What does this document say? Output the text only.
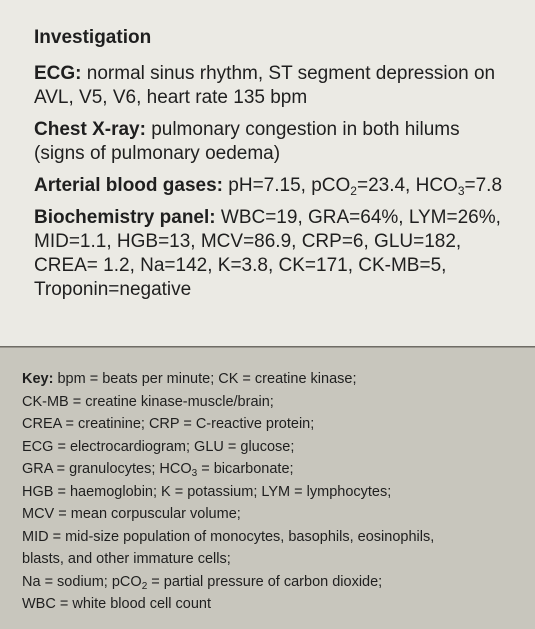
Investigation
ECG: normal sinus rhythm, ST segment depression on AVL, V5, V6, heart rate 135 bpm
Chest X-ray: pulmonary congestion in both hilums (signs of pulmonary oedema)
Arterial blood gases: pH=7.15, pCO$_2$=23.4, $HCO_3=7.8$
Biochemistry panel: WBC=19, GRA=64%, LYM=26%, MID=1.1, HGB=13, MCV=86.9, CRP=6, GLU=182, CREA= 1.2, Na=142, K=3.8, CK=171, CK-MB=5, Troponin=negative
Key: bpm = beats per minute; CK = creatine kinase;
CK-MB = creatine kinase-muscle/brain;
CREA = creatinine; CRP = C-reactive protein;
ECG = electrocardiogram; GLU = glucose;
GRA = granulocytes; $HCO_3$ = bicarbonate;
HGB = haemoglobin; K = potassium; LYM = lymphocytes;
MCV = mean corpuscular volume;
MID = mid-size population of monocytes, basophils, eosinophils,
blasts, and other immature cells;
Na = sodium; pCO$_2$ = partial pressure of carbon dioxide;
WBC = white blood cell count
